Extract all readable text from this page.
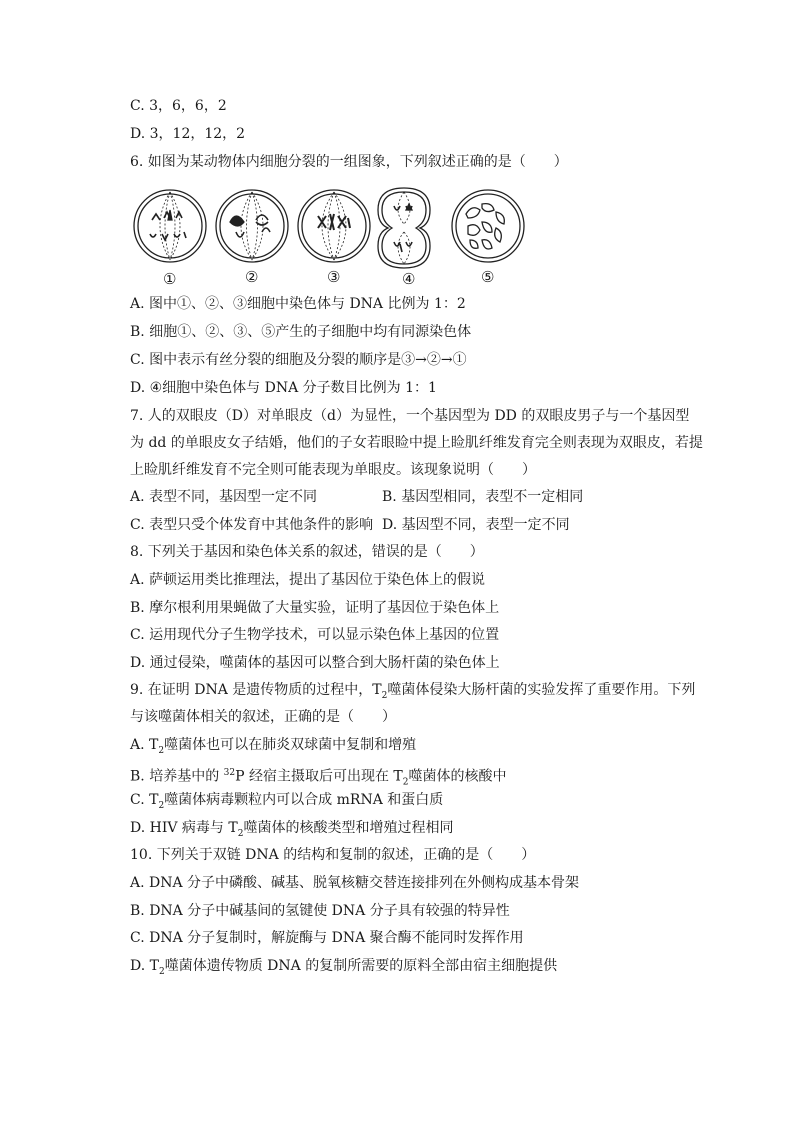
C. 3，6，6，2
D. 3，12，12，2
6. 如图为某动物体内细胞分裂的一组图象，下列叙述正确的是（　　）
①	②	③	④	⑤
A. 图中①、②、③细胞中染色体与 DNA 比例为 1：2
B. 细胞①、②、③、⑤产生的子细胞中均有同源染色体
C. 图中表示有丝分裂的细胞及分裂的顺序是③→②→①
D. ④细胞中染色体与 DNA 分子数目比例为 1：1
7. 人的双眼皮（D）对单眼皮（d）为显性，一个基因型为 DD 的双眼皮男子与一个基因型
为 dd 的单眼皮女子结婚，他们的子女若眼睑中提上睑肌纤维发育完全则表现为双眼皮，若提
上睑肌纤维发育不完全则可能表现为单眼皮。该现象说明（　　）
A. 表型不同，基因型一定不同	B. 基因型相同，表型不一定相同
C. 表型只受个体发育中其他条件的影响 D. 基因型不同，表型一定不同
8. 下列关于基因和染色体关系的叙述，错误的是（　　）
A. 萨顿运用类比推理法，提出了基因位于染色体上的假说
B. 摩尔根利用果蝇做了大量实验，证明了基因位于染色体上
C. 运用现代分子生物学技术，可以显示染色体上基因的位置
D. 通过侵染，噬菌体的基因可以整合到大肠杆菌的染色体上
9. 在证明 DNA 是遗传物质的过程中，$T_2$噬菌体侵染大肠杆菌的实验发挥了重要作用。下列
与该噬菌体相关的叙述，正确的是（　　）
A. $T_2$噬菌体也可以在肺炎双球菌中复制和增殖
B. 培养基中的 $^{32}$P 经宿主摄取后可出现在 $T_2$噬菌体的核酸中
C. $T_2$噬菌体病毒颗粒内可以合成 mRNA 和蛋白质
D. HIV 病毒与 $T_2$噬菌体的核酸类型和增殖过程相同
10. 下列关于双链 DNA 的结构和复制的叙述，正确的是（　　）
A. DNA 分子中磷酸、碱基、脱氧核糖交替连接排列在外侧构成基本骨架
B. DNA 分子中碱基间的氢键使 DNA 分子具有较强的特异性
C. DNA 分子复制时，解旋酶与 DNA 聚合酶不能同时发挥作用
D. $T_2$噬菌体遗传物质 DNA 的复制所需要的原料全部由宿主细胞提供
